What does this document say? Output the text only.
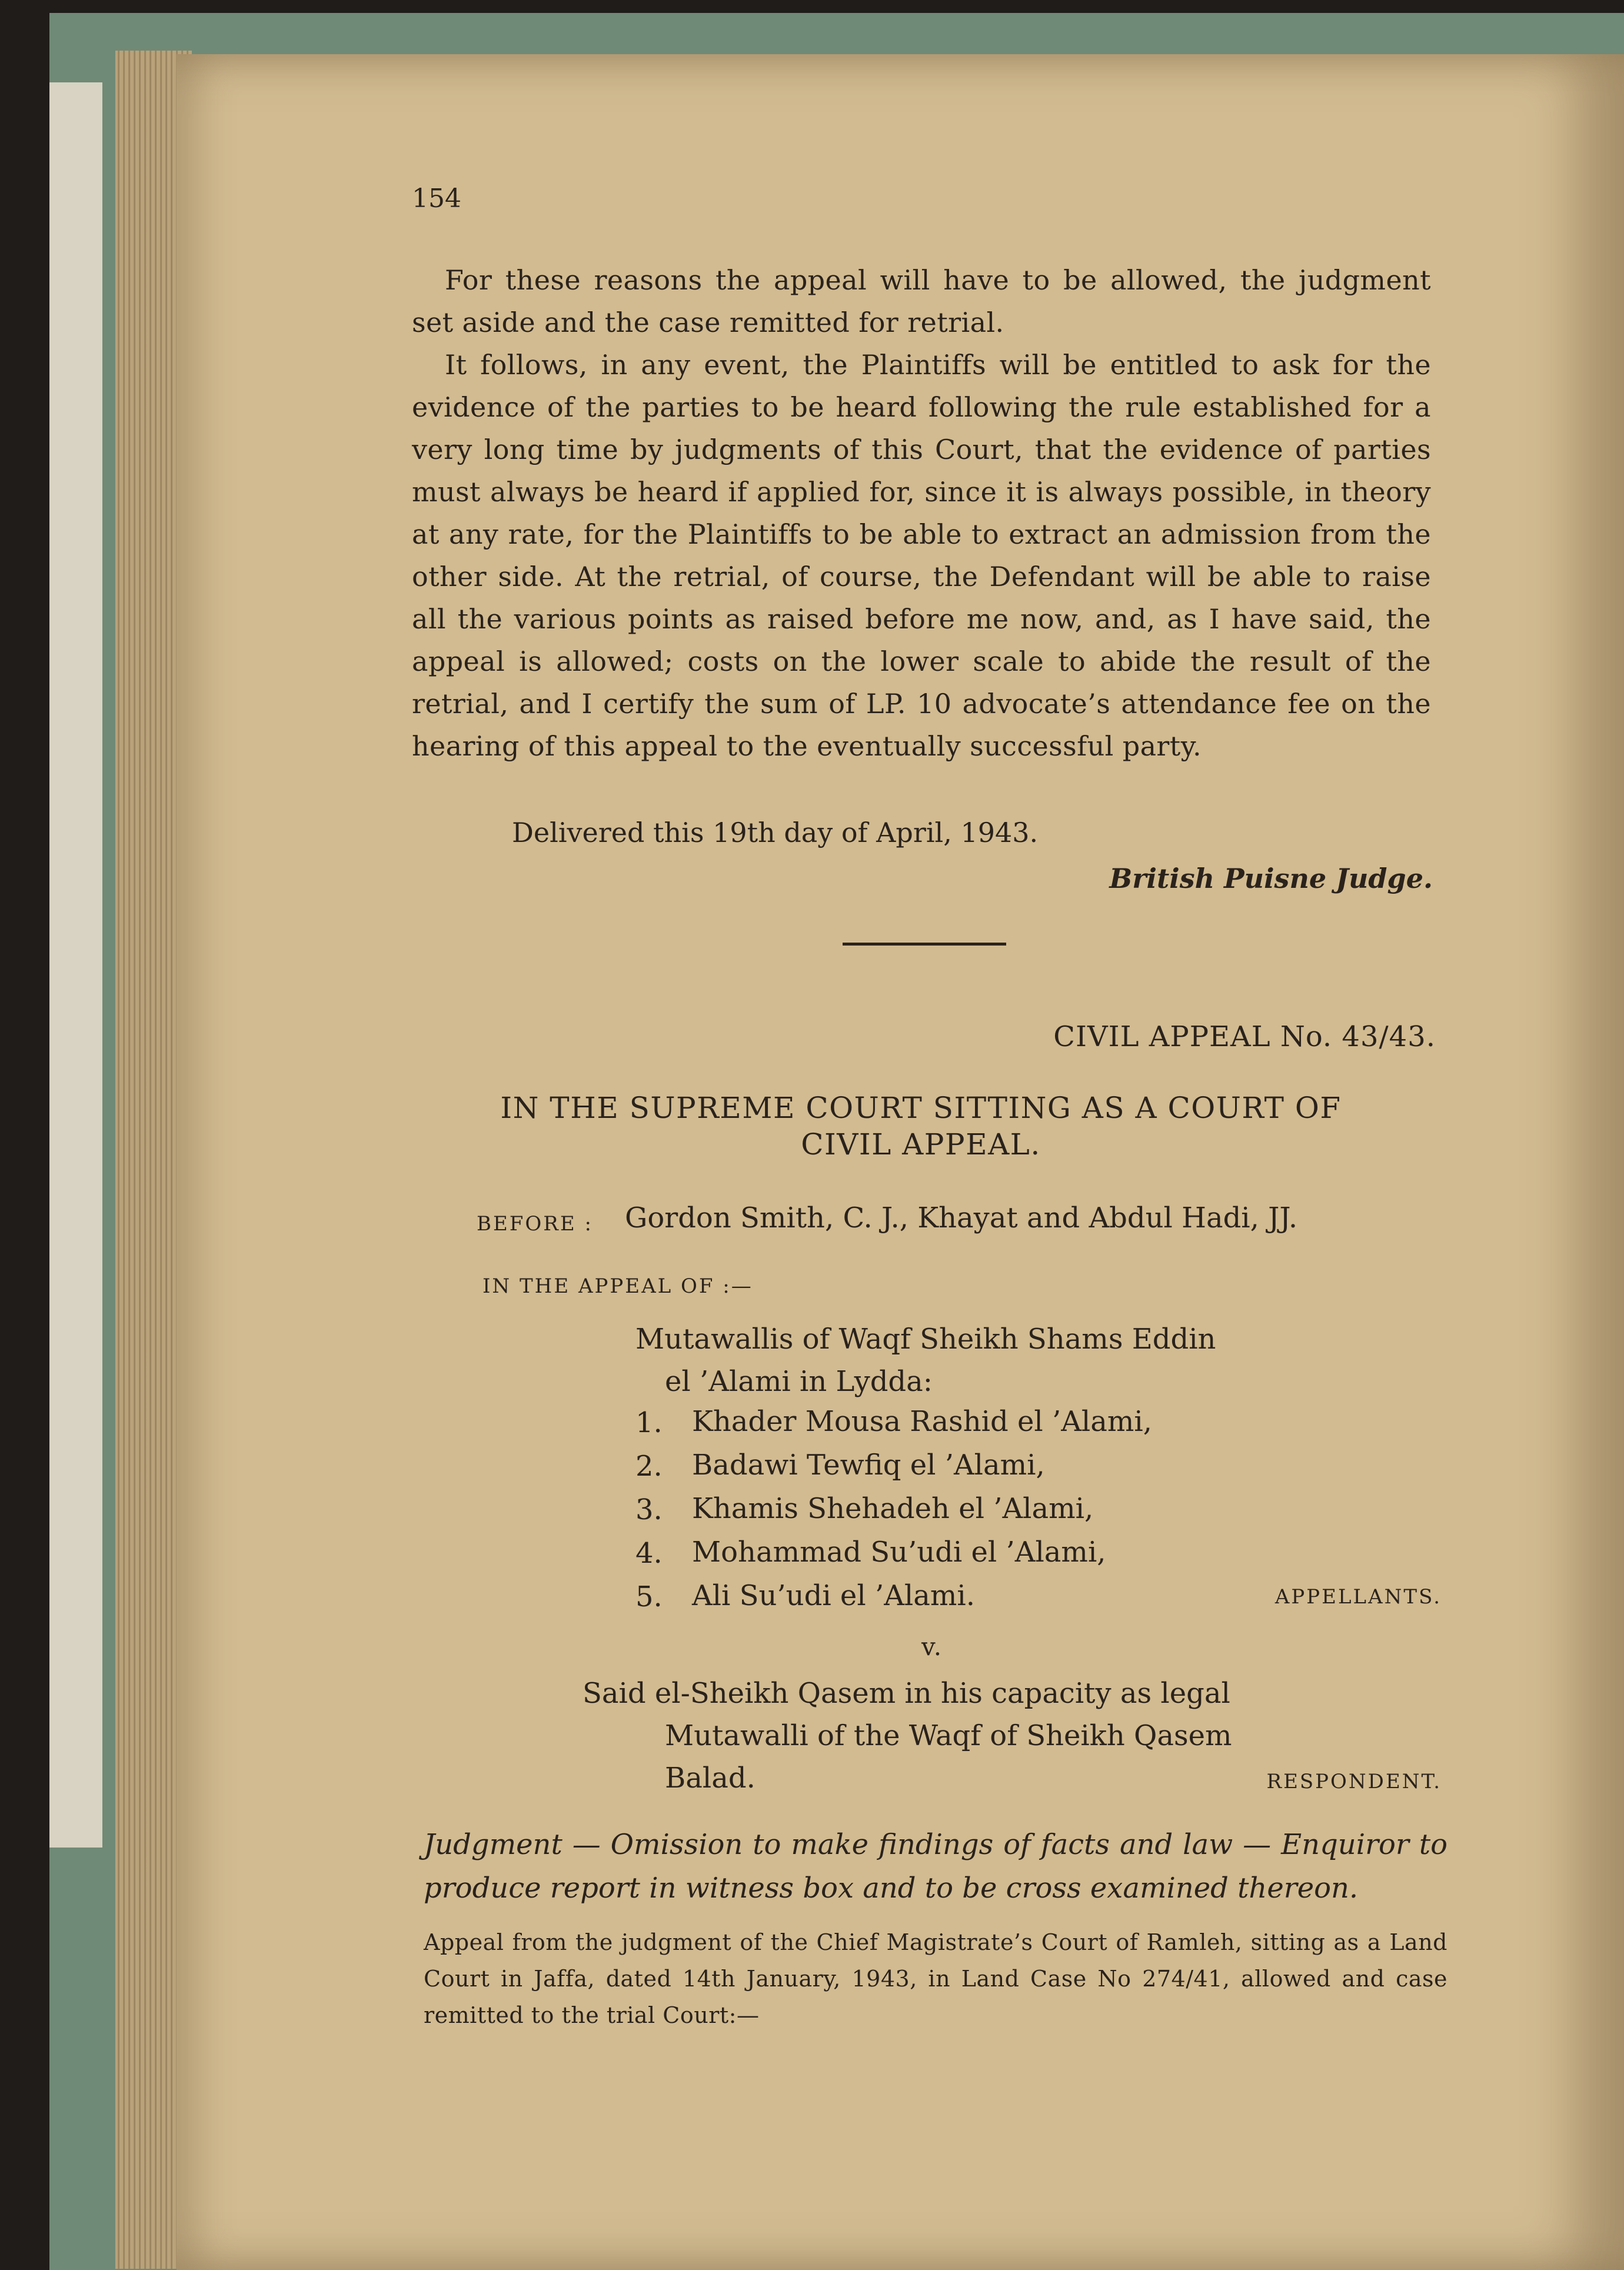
154

For these reasons the appeal will have to be allowed, the judgment set aside and the case remitted for retrial.

It follows, in any event, the Plaintiffs will be entitled to ask for the evidence of the parties to be heard following the rule established for a very long time by judgments of this Court, that the evidence of parties must always be heard if applied for, since it is always possible, in theory at any rate, for the Plaintiffs to be able to extract an admission from the other side. At the retrial, of course, the Defendant will be able to raise all the various points as raised before me now, and, as I have said, the appeal is allowed; costs on the lower scale to abide the result of the retrial, and I certify the sum of LP. 10 advocate’s attendance fee on the hearing of this appeal to the eventually successful party.

Delivered this 19th day of April, 1943.
British Puisne Judge.
CIVIL APPEAL No. 43/43.
IN THE SUPREME COURT SITTING AS A COURT OF
CIVIL APPEAL.
BEFORE : Gordon Smith, C. J., Khayat and Abdul Hadi, JJ.
IN THE APPEAL OF :—
Mutawallis of Waqf Sheikh Shams Eddin
el ’Alami in Lydda:
1.	Khader Mousa Rashid el ’Alami,
2.	Badawi Tewfiq el ’Alami,
3.	Khamis Shehadeh el ’Alami,
4.	Mohammad Su’udi el ’Alami,
5.	Ali Su’udi el ’Alami.	APPELLANTS.
v.
Said el-Sheikh Qasem in his capacity as legal
Mutawalli of the Waqf of Sheikh Qasem
Balad.	RESPONDENT.

Judgment — Omission to make findings of facts and law — Enquiror to produce report in witness box and to be cross examined thereon.

Appeal from the judgment of the Chief Magistrate’s Court of Ramleh, sitting as a Land Court in Jaffa, dated 14th January, 1943, in Land Case No 274/41, allowed and case remitted to the trial Court:—
